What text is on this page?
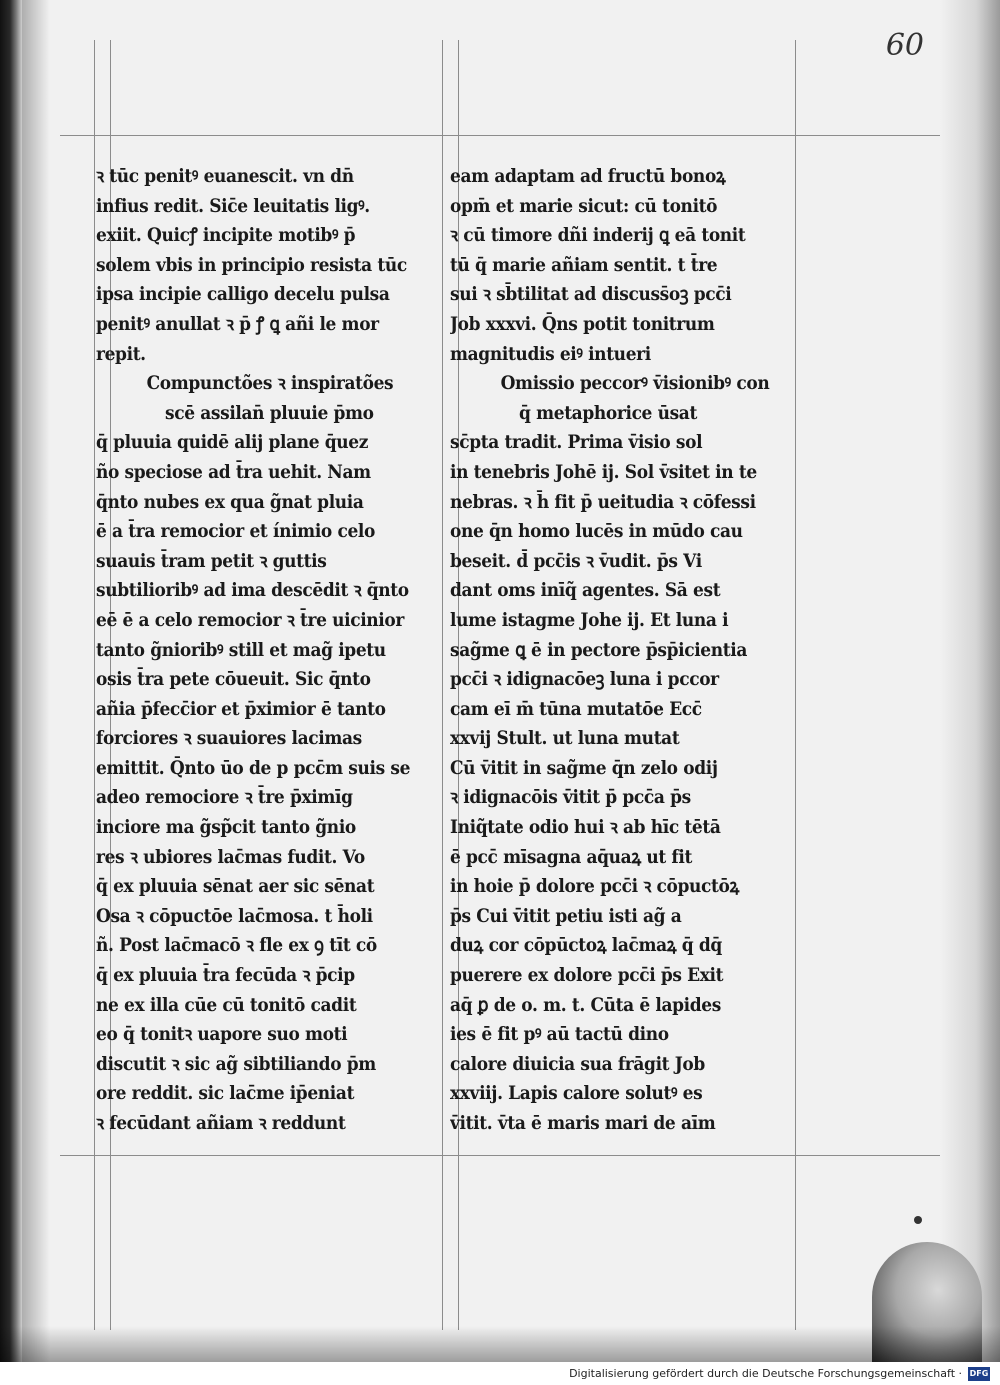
60
ꝛ tūc penitꝰ euanescit. vn dn̄
infius redit. Sic̄e leuitatis ligꝰ.
exiit. Quicꝭ incipite motibꝰ p̄
solem vbis in principio resista tūc
ipsa incipie calligo decelu pulsa
penitꝰ anullat ꝛ p̄ ꝭ ꝗ añi le mor
repit.
Compunctões ꝛ inspiratões
scē assilan̄ pluuie p̄mo
q̄ pluuia quidē alij plane q̄uez
ño speciose ad t̄ra uehit. Nam
q̄nto nubes ex qua g̃nat pluia
ē a t̄ra remocior et ínimio celo
suauis t̄ram petit ꝛ guttis
subtilioribꝰ ad ima descēdit ꝛ q̄nto
eē ē a celo remocior ꝛ t̄re uicinior
tanto g̃nioribꝰ still et mag̃ ipetu
osis t̄ra pete cōueuit. Sic q̄nto
añia p̄fecc̄ior et p̄ximior ē tanto
forciores ꝛ suauiores lacimas
emittit. Q̄nto ūo de p pcc̄m suis se
adeo remociore ꝛ t̄re p̄ximīg
inciore ma g̃sp̃cit tanto g̃nio
res ꝛ ubiores lac̄mas fudit. Vo
q̄ ex pluuia sēnat aer sic sēnat
Osa ꝛ cōpuctōe lac̄mosa. t h̄oli
ñ. Post lac̄macō ꝛ fle ex ꝯ tīt cō
q̄ ex pluuia t̄ra fecūda ꝛ p̄cip
ne ex illa cūe cū tonitō cadit
eo q̄ tonitꝛ uapore suo moti
discutit ꝛ sic ag̃ sibtiliando p̄m
ore reddit. sic lac̄me ip̄eniat
ꝛ fecūdant añiam ꝛ reddunt
eam adaptam ad fructū bonoꝝ
opm̄ et marie sicut: cū tonitō
ꝛ cū timore dñi inderij ꝗ eā tonit
tū q̄ marie añiam sentit. t t̄re
sui ꝛ sb̄tilitat ad discuss̄oꝫ pcc̄i
Job xxxvi. Q̄ns potit tonitrum
magnitudis eiꝰ intueri
Omissio peccorꝰ v̄isionibꝰ con
q̄ metaphorice ūsat
sc̄pta tradit. Prima v̄isio sol
in tenebris Johē ij. Sol v̄sitet in te
nebras. ꝛ h̄ fit p̄ ueitudia ꝛ cōfessi
one q̄n homo lucēs in mūdo cau
beseit. d̄ pcc̄is ꝛ v̄udit. p̄s Vi
dant oms inīq̃ agentes. Sā est
lume istagme Johe ij. Et luna i
sag̃me ꝗ ē in pectore p̄sp̄icientia
pcc̄i ꝛ idignacōeꝫ luna i pccor
cam eī m̄ tūna mutatōe Ecc̄
xxvij Stult. ut luna mutat
Cū v̄itit in sag̃me q̄n zelo odij
ꝛ idignacōis v̄itit p̄ pcc̄a p̄s
Iniq̃tate odio hui ꝛ ab hīc tētā
ē pcc̄ mīsagna aq̄uaꝝ ut fit
in hoie p̄ dolore pcc̄i ꝛ cōpuctōꝝ
p̄s Cui v̄itit petiu isti ag̃ a
duꝝ cor cōpūctoꝝ lac̄maꝝ q̄ dq̄
puerere ex dolore pcc̄i p̄s Exit
aq̄ ꝑ de o. m. t. Cūta ē lapides
ies ē fit pꝰ aū tactū dino
calore diuicia sua frāgit Job
xxviij. Lapis calore solutꝰ es
v̄itit. v̄ta ē maris mari de aīm
Digitalisierung gefördert durch die Deutsche Forschungsgemeinschaft · DFG
